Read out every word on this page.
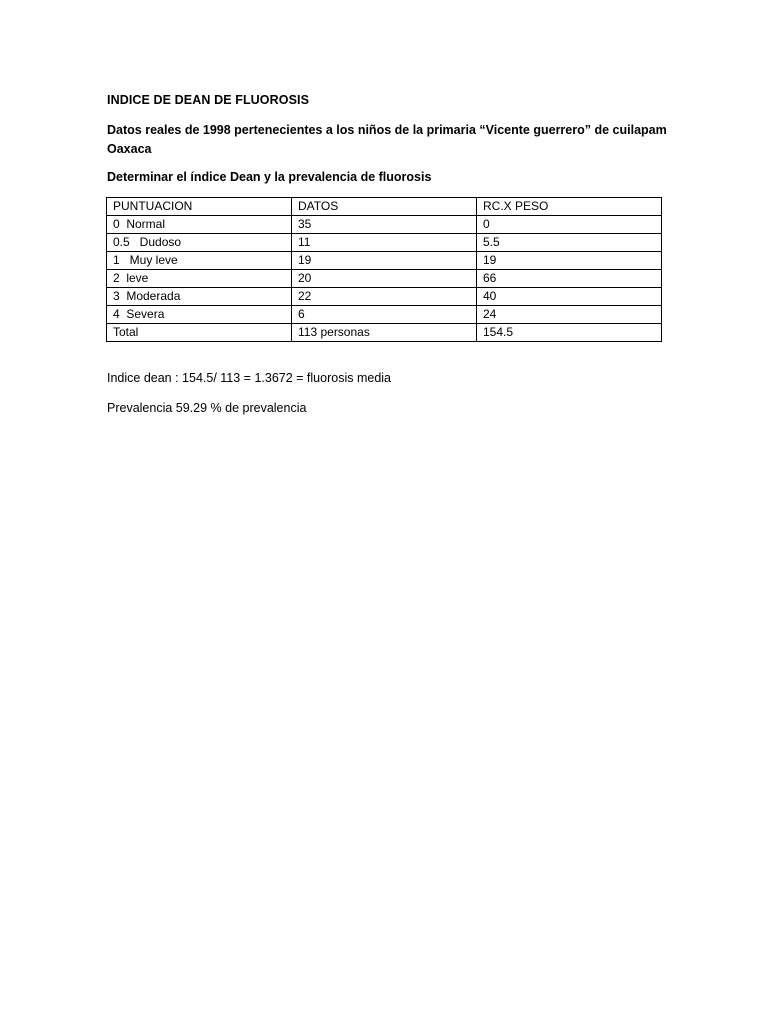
INDICE DE DEAN DE FLUOROSIS
Datos reales de 1998 pertenecientes a los niños de la primaria “Vicente guerrero” de cuilapam Oaxaca
Determinar el índice Dean y la prevalencia de fluorosis
PUNTUACION	DATOS	RC.X PESO
0  Normal	35	0
0.5   Dudoso	11	5.5
1   Muy leve	19	19
2  leve	20	66
3  Moderada	22	40
4  Severa	6	24
Total	113 personas	154.5
Indice dean : 154.5/ 113 = 1.3672 = fluorosis media
Prevalencia 59.29 % de prevalencia
